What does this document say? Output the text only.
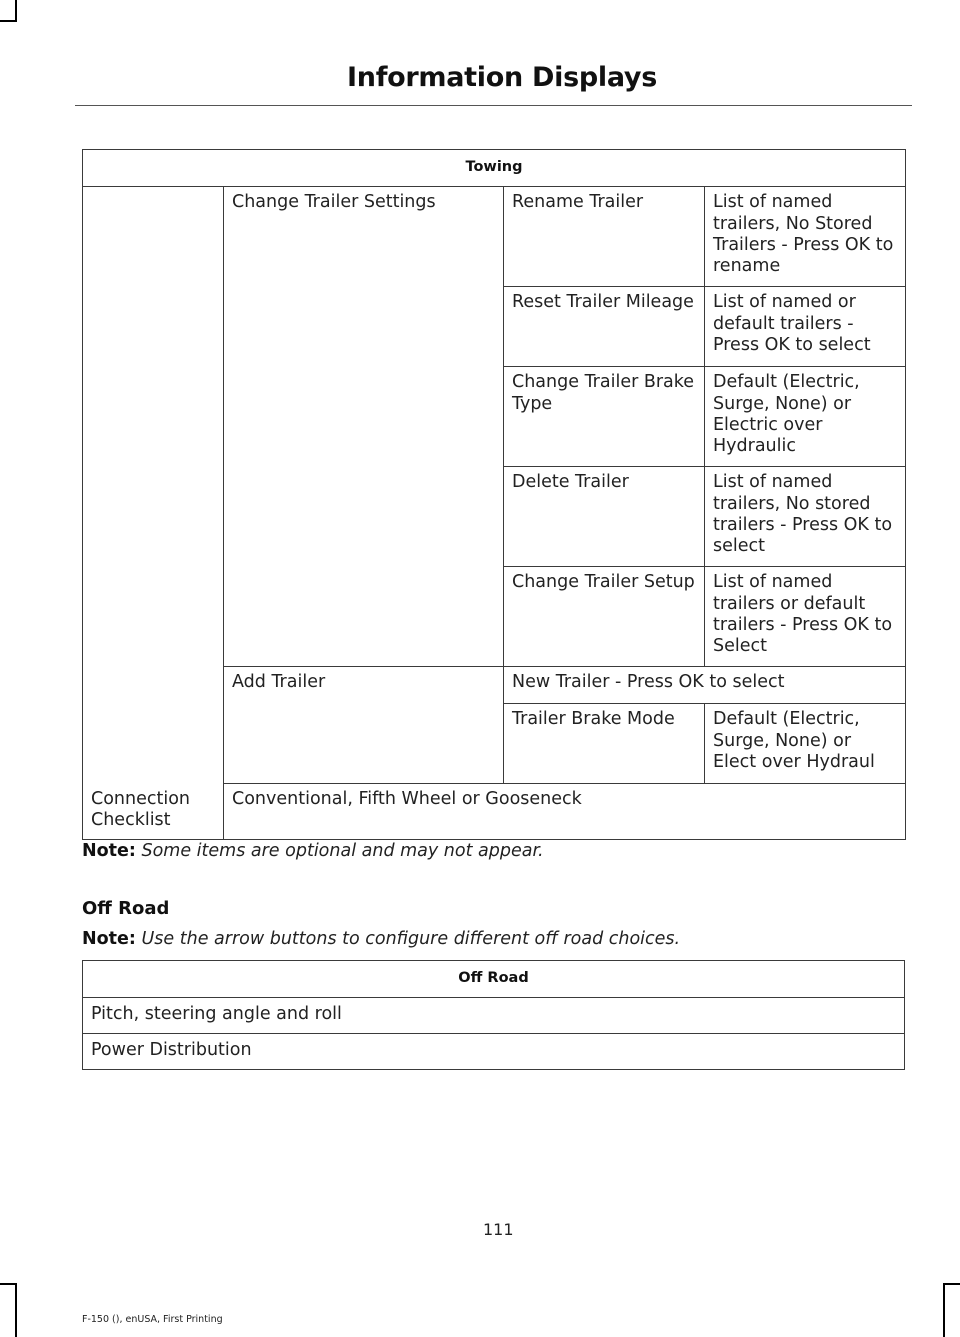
Information Displays
Towing			
	Change Trailer Settings	Rename Trailer	List of named trailers, No Stored Trailers - Press OK to rename
		Reset Trailer Mileage	List of named or default trailers - Press OK to select
		Change Trailer Brake Type	Default (Electric, Surge, None) or Electric over Hydraulic
		Delete Trailer	List of named trailers, No stored trailers - Press OK to select
		Change Trailer Setup	List of named trailers or default trailers - Press OK to Select
	Add Trailer	New Trailer - Press OK to select	
		Trailer Brake Mode	Default (Electric, Surge, None) or Elect over Hydraul
Connection Checklist	Conventional, Fifth Wheel or Gooseneck		
Note: Some items are optional and may not appear.
Off Road
Note: Use the arrow buttons to configure different off road choices.
Off Road
Pitch, steering angle and roll
Power Distribution
111
F-150 (), enUSA, First Printing
